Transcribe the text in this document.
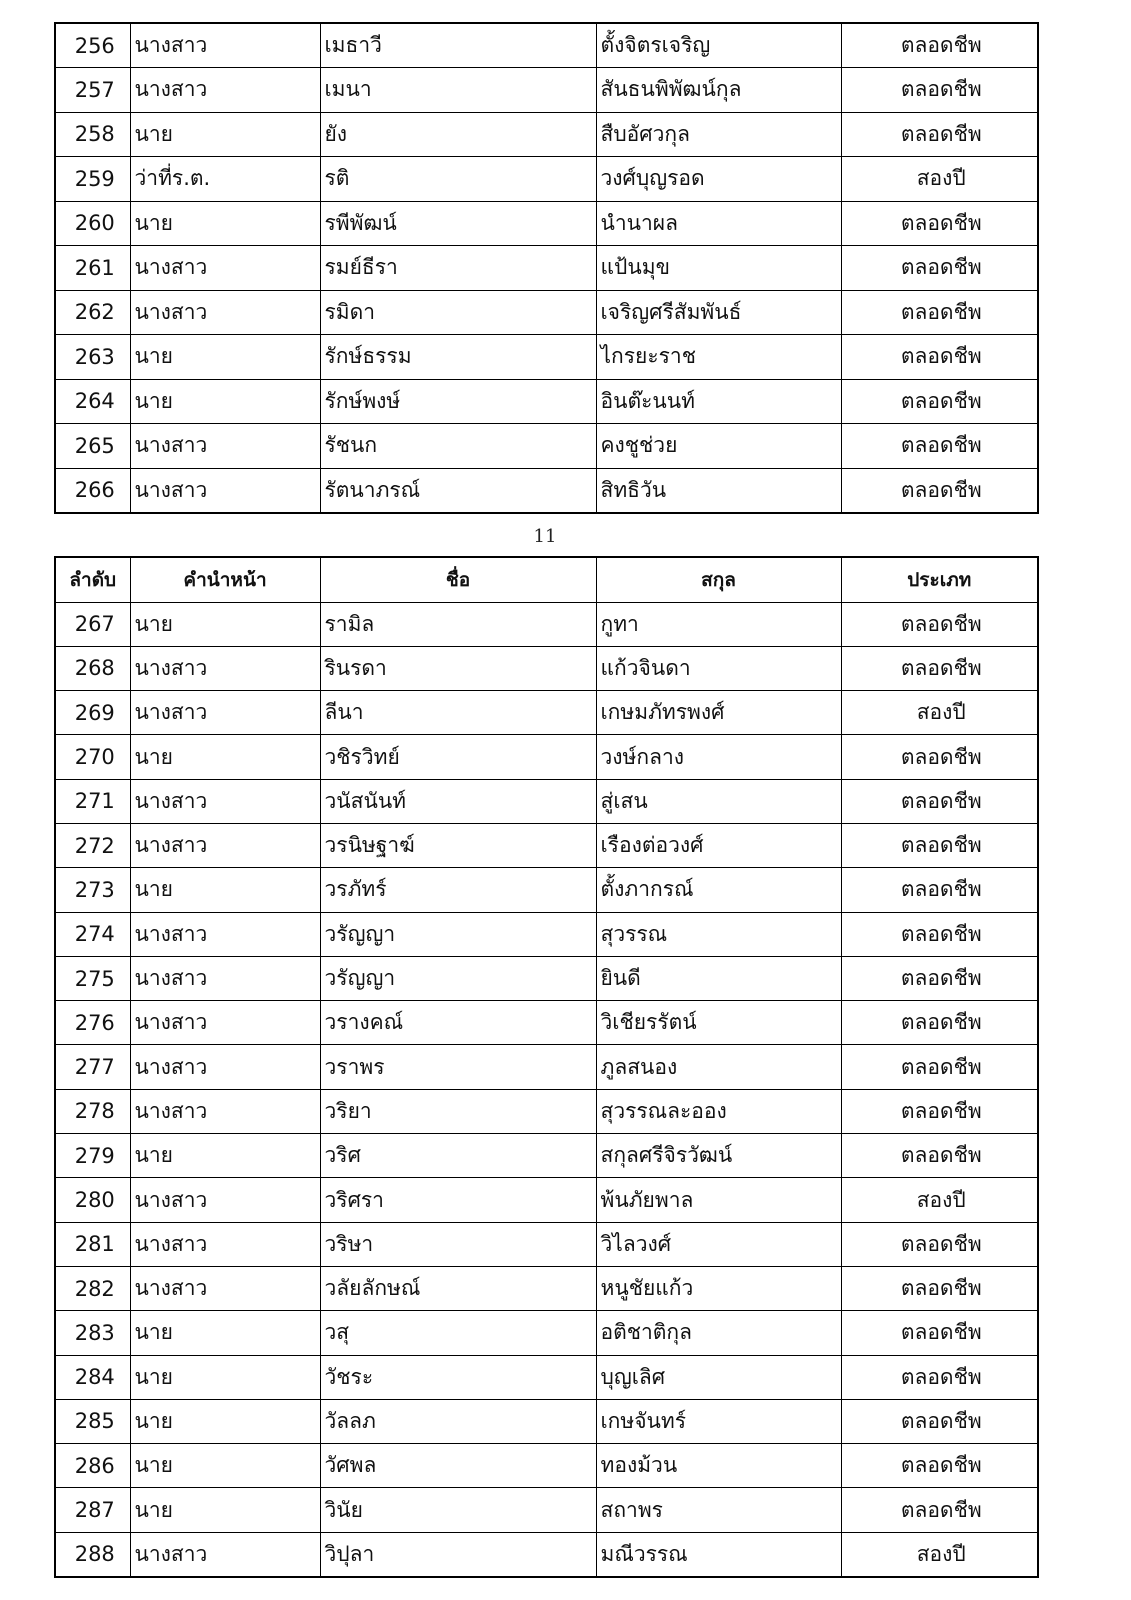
256	นางสาว	เมธาวี	ตั้งจิตรเจริญ	ตลอดชีพ
257	นางสาว	เมนา	สันธนพิพัฒน์กุล	ตลอดชีพ
258	นาย	ยัง	สืบอัศวกุล	ตลอดชีพ
259	ว่าที่ร.ต.	รติ	วงศ์บุญรอด	สองปี
260	นาย	รพีพัฒน์	นำนาผล	ตลอดชีพ
261	นางสาว	รมย์ธีรา	แป้นมุข	ตลอดชีพ
262	นางสาว	รมิดา	เจริญศรีสัมพันธ์	ตลอดชีพ
263	นาย	รักษ์ธรรม	ไกรยะราช	ตลอดชีพ
264	นาย	รักษ์พงษ์	อินต๊ะนนท์	ตลอดชีพ
265	นางสาว	รัชนก	คงชูช่วย	ตลอดชีพ
266	นางสาว	รัตนาภรณ์	สิทธิวัน	ตลอดชีพ
11
ลำดับ	คำนำหน้า	ชื่อ	สกุล	ประเภท
267	นาย	รามิล	กูทา	ตลอดชีพ
268	นางสาว	รินรดา	แก้วจินดา	ตลอดชีพ
269	นางสาว	ลีนา	เกษมภัทรพงศ์	สองปี
270	นาย	วชิรวิทย์	วงษ์กลาง	ตลอดชีพ
271	นางสาว	วนัสนันท์	สู่เสน	ตลอดชีพ
272	นางสาว	วรนิษฐาฆ์	เรืองต่อวงศ์	ตลอดชีพ
273	นาย	วรภัทร์	ตั้งภากรณ์	ตลอดชีพ
274	นางสาว	วรัญญา	สุวรรณ	ตลอดชีพ
275	นางสาว	วรัญญา	ยินดี	ตลอดชีพ
276	นางสาว	วรางคณ์	วิเชียรรัตน์	ตลอดชีพ
277	นางสาว	วราพร	ภูลสนอง	ตลอดชีพ
278	นางสาว	วริยา	สุวรรณละออง	ตลอดชีพ
279	นาย	วริศ	สกุลศรีจิรวัฒน์	ตลอดชีพ
280	นางสาว	วริศรา	พ้นภัยพาล	สองปี
281	นางสาว	วริษา	วิไลวงศ์	ตลอดชีพ
282	นางสาว	วลัยลักษณ์	หนูชัยแก้ว	ตลอดชีพ
283	นาย	วสุ	อติชาติกุล	ตลอดชีพ
284	นาย	วัชระ	บุญเลิศ	ตลอดชีพ
285	นาย	วัลลภ	เกษจันทร์	ตลอดชีพ
286	นาย	วัศพล	ทองม้วน	ตลอดชีพ
287	นาย	วินัย	สถาพร	ตลอดชีพ
288	นางสาว	วิปุลา	มณีวรรณ	สองปี
